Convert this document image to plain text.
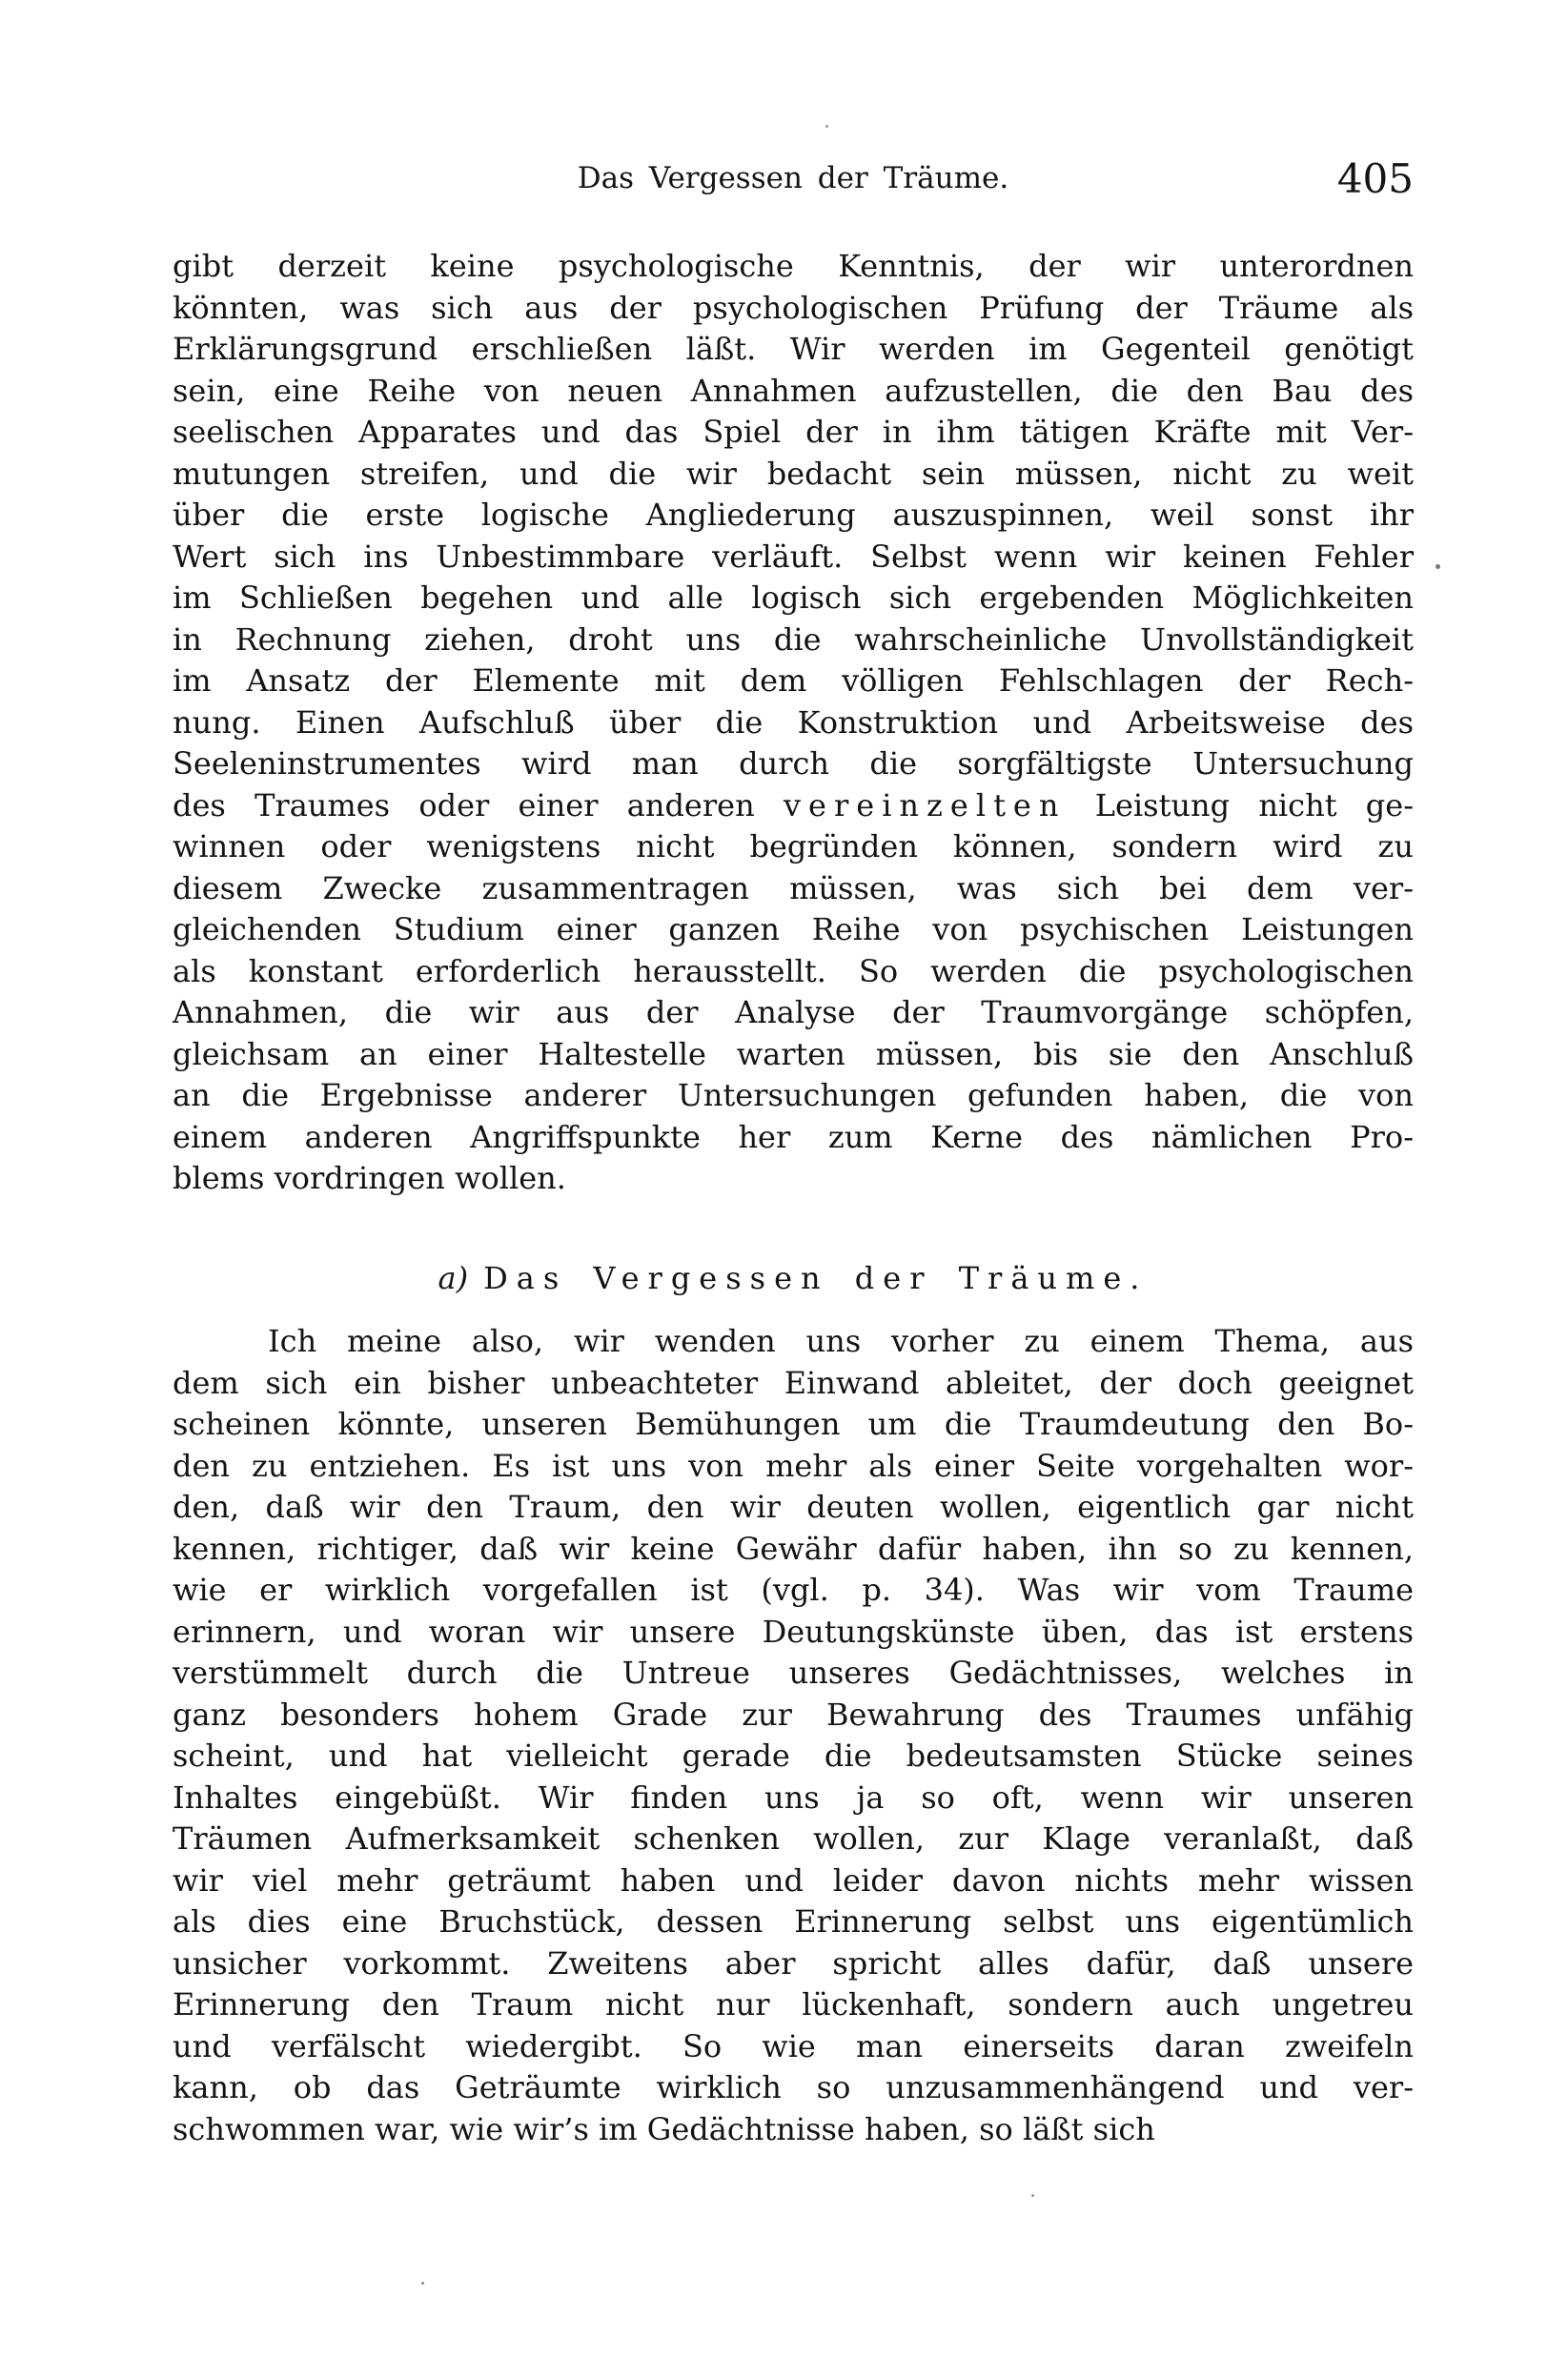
Das Vergessen der Träume.	405
gibt derzeit keine psychologische Kenntnis, der wir unterordnen
könnten, was sich aus der psychologischen Prüfung der Träume als
Erklärungsgrund erschließen läßt. Wir werden im Gegenteil genötigt
sein, eine Reihe von neuen Annahmen aufzustellen, die den Bau des
seelischen Apparates und das Spiel der in ihm tätigen Kräfte mit Ver-
mutungen streifen, und die wir bedacht sein müssen, nicht zu weit
über die erste logische Angliederung auszuspinnen, weil sonst ihr
Wert sich ins Unbestimmbare verläuft. Selbst wenn wir keinen Fehler
im Schließen begehen und alle logisch sich ergebenden Möglichkeiten
in Rechnung ziehen, droht uns die wahrscheinliche Unvollständigkeit
im Ansatz der Elemente mit dem völligen Fehlschlagen der Rech-
nung. Einen Aufschluß über die Konstruktion und Arbeitsweise des
Seeleninstrumentes wird man durch die sorgfältigste Untersuchung
des Traumes oder einer anderen vereinzelten Leistung nicht ge-
winnen oder wenigstens nicht begründen können, sondern wird zu
diesem Zwecke zusammentragen müssen, was sich bei dem ver-
gleichenden Studium einer ganzen Reihe von psychischen Leistungen
als konstant erforderlich herausstellt. So werden die psychologischen
Annahmen, die wir aus der Analyse der Traumvorgänge schöpfen,
gleichsam an einer Haltestelle warten müssen, bis sie den Anschluß
an die Ergebnisse anderer Untersuchungen gefunden haben, die von
einem anderen Angriffspunkte her zum Kerne des nämlichen Pro-
blems vordringen wollen.
a) Das Vergessen der Träume.
Ich meine also, wir wenden uns vorher zu einem Thema, aus
dem sich ein bisher unbeachteter Einwand ableitet, der doch geeignet
scheinen könnte, unseren Bemühungen um die Traumdeutung den Bo-
den zu entziehen. Es ist uns von mehr als einer Seite vorgehalten wor-
den, daß wir den Traum, den wir deuten wollen, eigentlich gar nicht
kennen, richtiger, daß wir keine Gewähr dafür haben, ihn so zu kennen,
wie er wirklich vorgefallen ist (vgl. p. 34). Was wir vom Traume
erinnern, und woran wir unsere Deutungskünste üben, das ist erstens
verstümmelt durch die Untreue unseres Gedächtnisses, welches in
ganz besonders hohem Grade zur Bewahrung des Traumes unfähig
scheint, und hat vielleicht gerade die bedeutsamsten Stücke seines
Inhaltes eingebüßt. Wir finden uns ja so oft, wenn wir unseren
Träumen Aufmerksamkeit schenken wollen, zur Klage veranlaßt, daß
wir viel mehr geträumt haben und leider davon nichts mehr wissen
als dies eine Bruchstück, dessen Erinnerung selbst uns eigentümlich
unsicher vorkommt. Zweitens aber spricht alles dafür, daß unsere
Erinnerung den Traum nicht nur lückenhaft, sondern auch ungetreu
und verfälscht wiedergibt. So wie man einerseits daran zweifeln
kann, ob das Geträumte wirklich so unzusammenhängend und ver-
schwommen war, wie wir’s im Gedächtnisse haben, so läßt sich
